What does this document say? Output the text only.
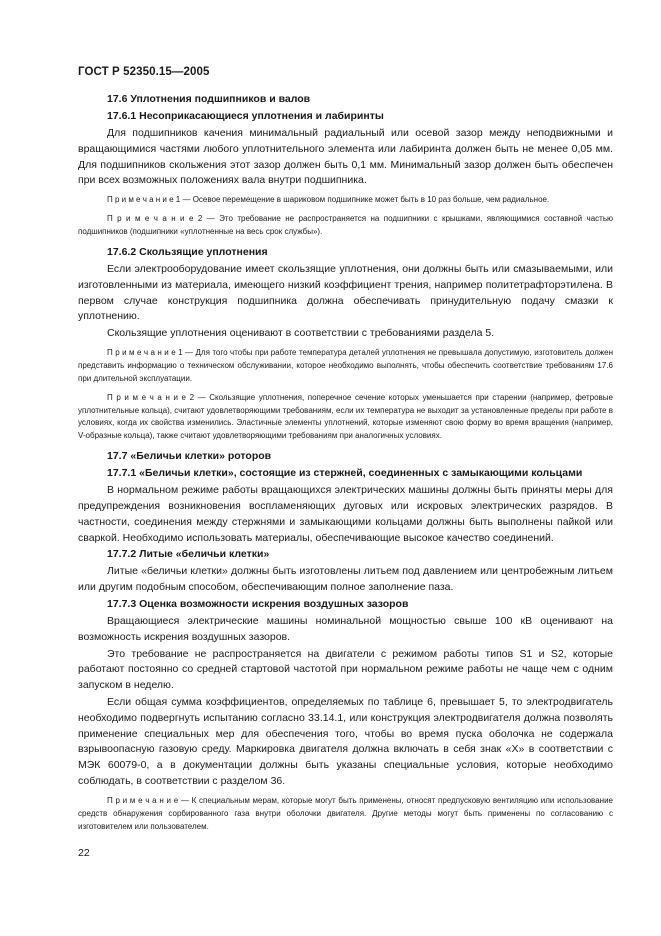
ГОСТ Р 52350.15—2005

17.6 Уплотнения подшипников и валов

17.6.1 Несоприкасающиеся уплотнения и лабиринты

Для подшипников качения минимальный радиальный или осевой зазор между неподвижными и вращающимися частями любого уплотнительного элемента или лабиринта должен быть не менее 0,05 мм. Для подшипников скольжения этот зазор должен быть 0,1 мм. Минимальный зазор должен быть обеспечен при всех возможных положениях вала внутри подшипника.

П р и м е ч а н и е 1 — Осевое перемещение в шариковом подшипнике может быть в 10 раз больше, чем радиальное.

П р и м е ч а н и е 2 — Это требование не распространяется на подшипники с крышками, являющимися составной частью подшипников (подшипники «уплотненные на весь срок службы»).

17.6.2 Скользящие уплотнения

Если электрооборудование имеет скользящие уплотнения, они должны быть или смазываемыми, или изготовленными из материала, имеющего низкий коэффициент трения, например политетрафторэтилена. В первом случае конструкция подшипника должна обеспечивать принудительную подачу смазки к уплотнению.

Скользящие уплотнения оценивают в соответствии с требованиями раздела 5.

П р и м е ч а н и е 1 — Для того чтобы при работе температура деталей уплотнения не превышала допустимую, изготовитель должен представить информацию о техническом обслуживании, которое необходимо выполнять, чтобы обеспечить соответствие требованиям 17.6 при длительной эксплуатации.

П р и м е ч а н и е 2 — Скользящие уплотнения, поперечное сечение которых уменьшается при старении (например, фетровые уплотнительные кольца), считают удовлетворяющими требованиям, если их температура не выходит за установленные пределы при работе в условиях, когда их свойства изменились. Эластичные элементы уплотнений, которые изменяют свою форму во время вращения (например, V-образные кольца), также считают удовлетворяющими требованиям при аналогичных условиях.

17.7 «Беличьи клетки» роторов

17.7.1 «Беличьи клетки», состоящие из стержней, соединенных с замыкающими кольцами

В нормальном режиме работы вращающихся электрических машины должны быть приняты меры для предупреждения возникновения воспламеняющих дуговых или искровых электрических разрядов. В частности, соединения между стержнями и замыкающими кольцами должны быть выполнены пайкой или сваркой. Необходимо использовать материалы, обеспечивающие высокое качество соединений.

17.7.2 Литые «беличьи клетки»

Литые «беличьи клетки» должны быть изготовлены литьем под давлением или центробежным литьем или другим подобным способом, обеспечивающим полное заполнение паза.

17.7.3 Оценка возможности искрения воздушных зазоров

Вращающиеся электрические машины номинальной мощностью свыше 100 кВ оценивают на возможность искрения воздушных зазоров.

Это требование не распространяется на двигатели с режимом работы типов S1 и S2, которые работают постоянно со средней стартовой частотой при нормальном режиме работы не чаще чем с одним запуском в неделю.

Если общая сумма коэффициентов, определяемых по таблице 6, превышает 5, то электродвигатель необходимо подвергнуть испытанию согласно 33.14.1, или конструкция электродвигателя должна позволять применение специальных мер для обеспечения того, чтобы во время пуска оболочка не содержала взрывоопасную газовую среду. Маркировка двигателя должна включать в себя знак «Х» в соответствии с МЭК 60079-0, а в документации должны быть указаны специальные условия, которые необходимо соблюдать, в соответствии с разделом 36.

П р и м е ч а н и е — К специальным мерам, которые могут быть применены, относят предпусковую вентиляцию или использование средств обнаружения сорбированного газа внутри оболочки двигателя. Другие методы могут быть применены по согласованию с изготовителем или пользователем.

22
